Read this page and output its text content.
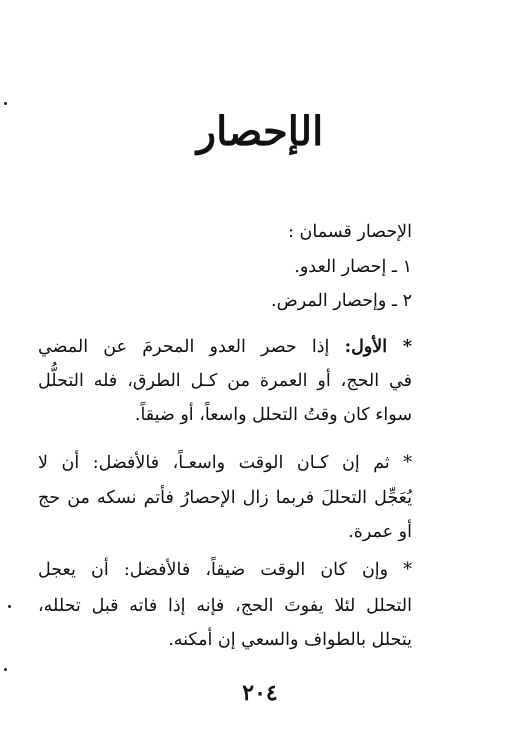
الإحصار
الإحصار قسمان :
١ ـ إحصار العدو.
٢ ـ وإحصار المرض.
* الأول: إذا حصر العدو المحرمَ عن المضي
في الحج، أو العمرة من كـل الطرق، فله التحلُّل
سواء كان وقتُ التحلل واسعاً، أو ضيقاً.
* ثم إن كـان الوقت واسعـاً، فالأفضل: أن لا
يُعَجِّل التحللَ فربما زال الإحصارُ فأتم نسكه من حج
أو عمرة.
* وإن كان الوقت ضيقاً، فالأفضل: أن يعجل
التحلل لئلا يفوتَ الحج، فإنه إذا فاته قبل تحلله،
يتحلل بالطواف والسعي إن أمكنه.
٢٠٤
